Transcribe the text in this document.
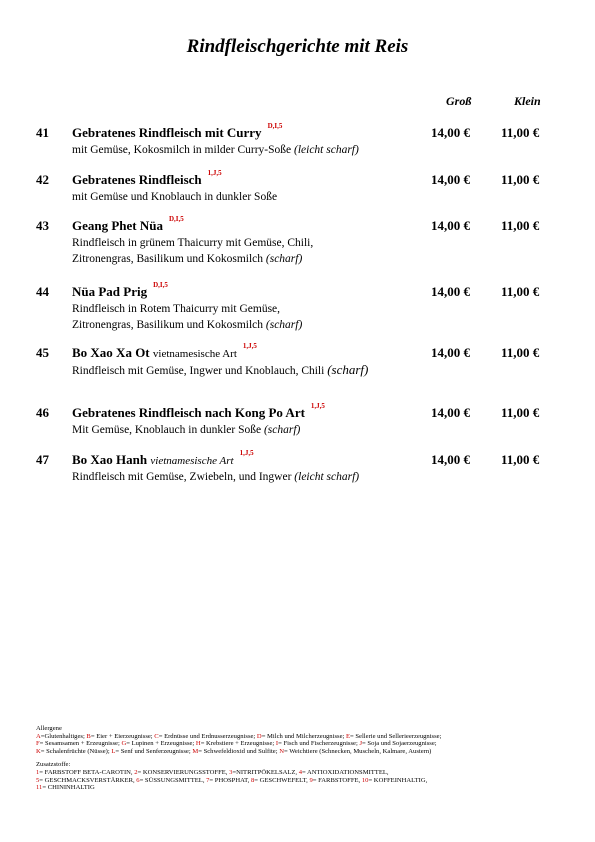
Rindfleischgerichte mit Reis
Groß	Klein
41 Gebratenes Rindfleisch mit Curry $^{D,I,5}$	14,00 € 11,00 €
mit Gemüse, Kokosmilch in milder Curry-Soße (leicht scharf)
42 Gebratenes Rindfleisch $^{1,J,5}$	14,00 € 11,00 €
mit Gemüse und Knoblauch in dunkler Soße
43 Geang Phet Nüa $^{D,I,5}$	14,00 € 11,00 €
Rindfleisch in grünem Thaicurry mit Gemüse, Chili,
Zitronengras, Basilikum und Kokosmilch (scharf)
44 Nüa Pad Prig $^{D,I,5}$	14,00 € 11,00 €
Rindfleisch in Rotem Thaicurry mit Gemüse,
Zitronengras, Basilikum und Kokosmilch (scharf)
45 Bo Xao Xa Ot vietnamesische Art$^{1,J,5}$	14,00 € 11,00 €
Rindfleisch mit Gemüse, Ingwer und Knoblauch, Chili (scharf)
46 Gebratenes Rindfleisch nach Kong Po Art $^{1,J,5}$	14,00 € 11,00 €
Mit Gemüse, Knoblauch in dunkler Soße (scharf)
47 Bo Xao Hanh vietnamesische Art$^{1,J,5}$	14,00 € 11,00 €
Rindfleisch mit Gemüse, Zwiebeln, und Ingwer (leicht scharf)
Allergene
A=Glutenhaltiges; B= Eier + Eierzeugnisse; C= Erdnüsse und Erdnusserzeugnisse; D= Milch und Milcherzeugnisse; E= Sellerie und Sellerieerzeugnisse;
F= Sesamsamen + Erzeugnisse; G= Lupinen + Erzeugnisse; H= Krebstiere + Erzeugnisse; I= Fisch und Fischerzeugnisse; J= Soja und Sojaerzeugnisse;
K= Schalenfrüchte (Nüsse); L= Senf und Senferzeugnisse; M= Schwefeldioxid und Sulfite; N= Weichtiere (Schnecken, Muscheln, Kalmare, Austern)
Zusatzstoffe:
1= FARBSTOFF BETA-CAROTIN, 2= KONSERVIERUNGSSTOFFE, 3=NITRITPÖKELSALZ, 4= ANTIOXIDATIONSMITTEL,
5= GESCHMACKSVERSTÄRKER, 6= SÜSSUNGSMITTEL, 7= PHOSPHAT, 8= GESCHWEFELT, 9= FARBSTOFFE, 10= KOFFEINHALTIG,
11= CHININHALTIG
